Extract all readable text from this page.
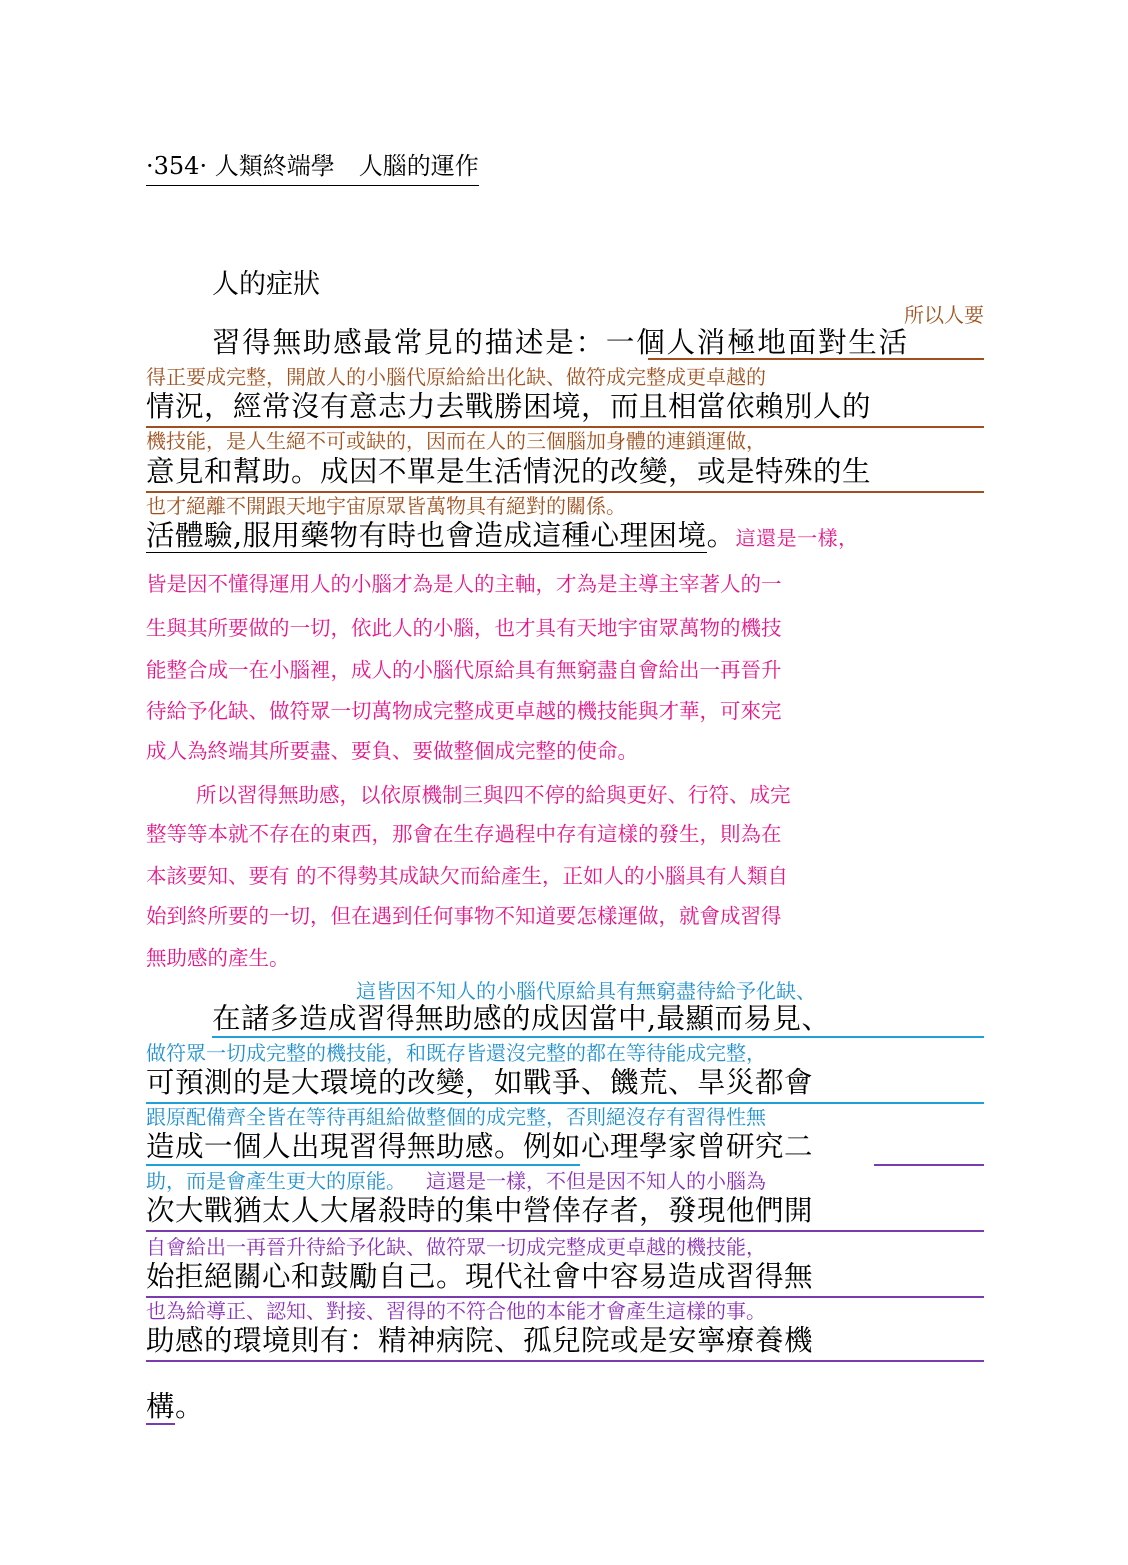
·354· 人類終端學　人腦的運作
人的症狀
所以人要
習得無助感最常見的描述是：一個人消極地面對生活
得正要成完整，開啟人的小腦代原給給出化缺、做符成完整成更卓越的
情況，經常沒有意志力去戰勝困境，而且相當依賴別人的
機技能，是人生絕不可或缺的，因而在人的三個腦加身體的連鎖運做，
意見和幫助。成因不單是生活情況的改變，或是特殊的生
也才絕離不開跟天地宇宙原眾皆萬物具有絕對的關係。
活體驗,服用藥物有時也會造成這種心理困境。這還是一樣，
皆是因不懂得運用人的小腦才為是人的主軸，才為是主導主宰著人的一
生與其所要做的一切，依此人的小腦，也才具有天地宇宙眾萬物的機技
能整合成一在小腦裡，成人的小腦代原給具有無窮盡自會給出一再晉升
待給予化缺、做符眾一切萬物成完整成更卓越的機技能與才華，可來完
成人為終端其所要盡、要負、要做整個成完整的使命。
所以習得無助感，以依原機制三與四不停的給與更好、行符、成完
整等等本就不存在的東西，那會在生存過程中存有這樣的發生，則為在
本該要知、要有 的不得勢其成缺欠而給產生，正如人的小腦具有人類自
始到終所要的一切，但在遇到任何事物不知道要怎樣運做，就會成習得
無助感的產生。
這皆因不知人的小腦代原給具有無窮盡待給予化缺、
在諸多造成習得無助感的成因當中,最顯而易見、
做符眾一切成完整的機技能，和既存皆還沒完整的都在等待能成完整，
可預測的是大環境的改變，如戰爭、饑荒、旱災都會
跟原配備齊全皆在等待再組給做整個的成完整，否則絕沒存有習得性無
造成一個人出現習得無助感。例如心理學家曾研究二
助，而是會產生更大的原能。 這還是一樣，不但是因不知人的小腦為
次大戰猶太人大屠殺時的集中營倖存者，發現他們開
自會給出一再晉升待給予化缺、做符眾一切成完整成更卓越的機技能，
始拒絕關心和鼓勵自己。現代社會中容易造成習得無
也為給導正、認知、對接、習得的不符合他的本能才會產生這樣的事。
助感的環境則有：精神病院、孤兒院或是安寧療養機
構。
